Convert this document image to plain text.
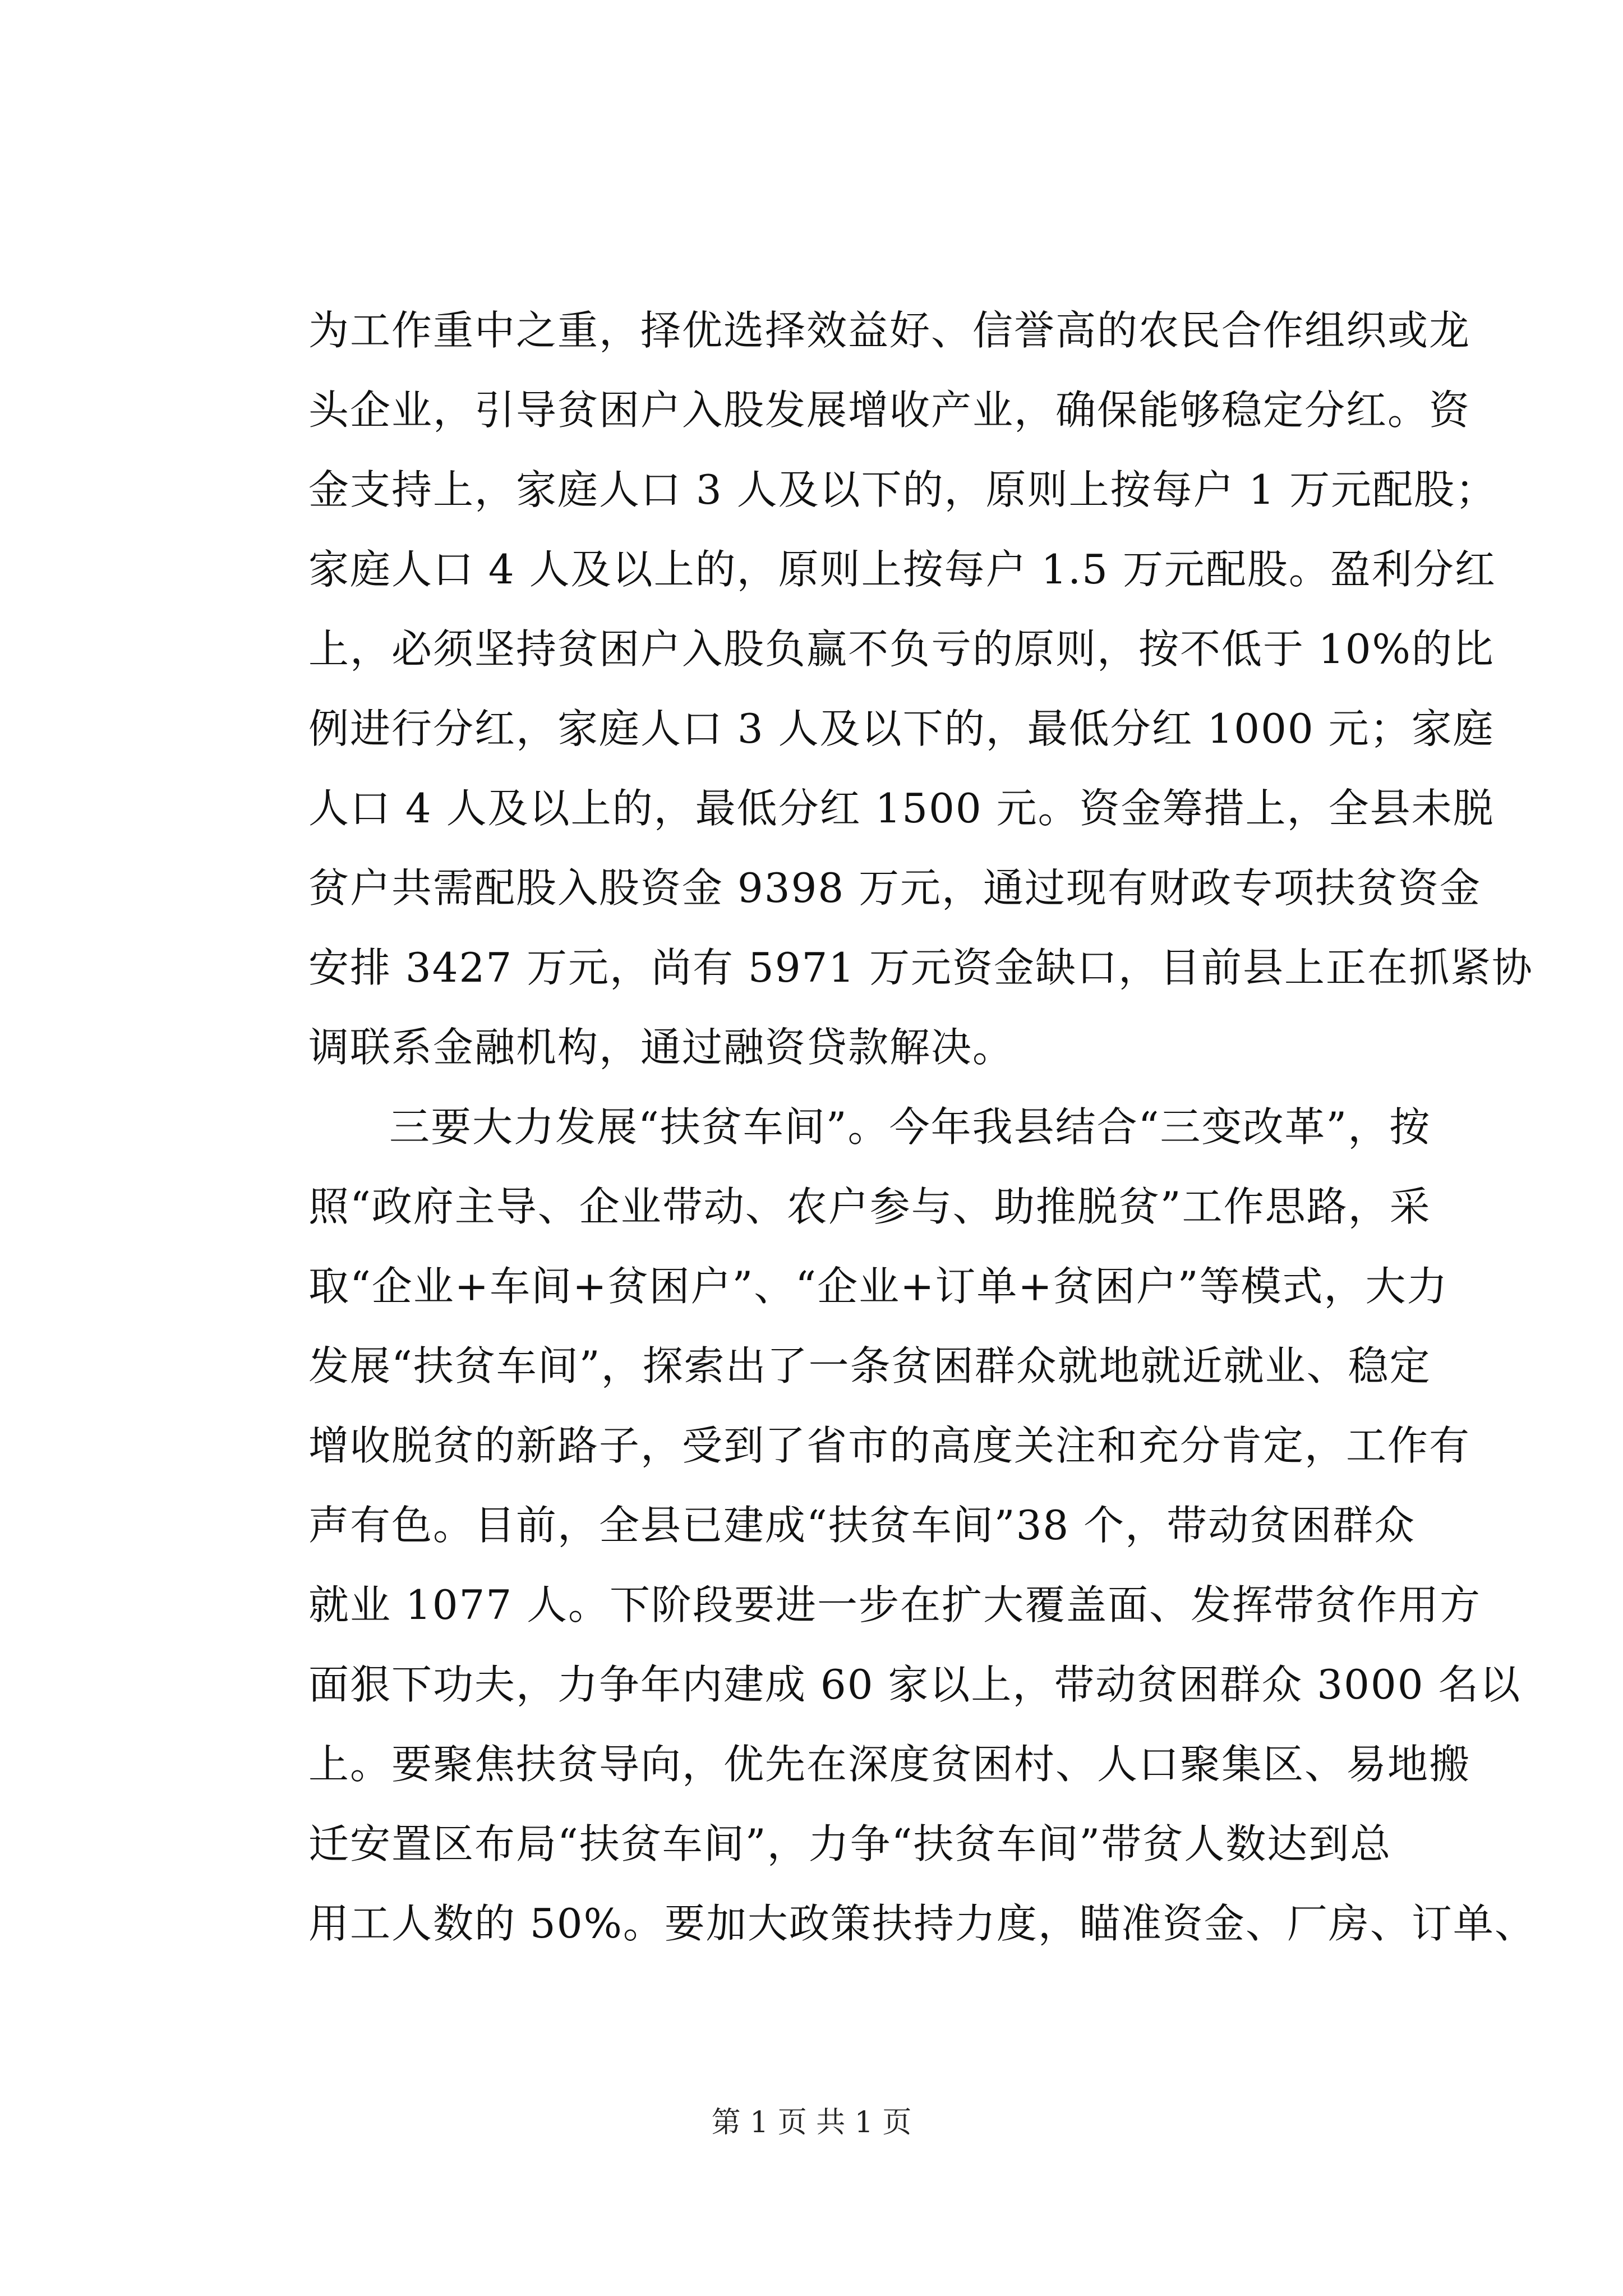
为工作重中之重，择优选择效益好、信誉高的农民合作组织或龙
头企业，引导贫困户入股发展增收产业，确保能够稳定分红。资
金支持上，家庭人口 3 人及以下的，原则上按每户 1 万元配股；
家庭人口 4 人及以上的，原则上按每户 1.5 万元配股。盈利分红
上，必须坚持贫困户入股负赢不负亏的原则，按不低于 10%的比
例进行分红，家庭人口 3 人及以下的，最低分红 1000 元；家庭
人口 4 人及以上的，最低分红 1500 元。资金筹措上，全县未脱
贫户共需配股入股资金 9398 万元，通过现有财政专项扶贫资金
安排 3427 万元，尚有 5971 万元资金缺口，目前县上正在抓紧协
调联系金融机构，通过融资贷款解决。
三要大力发展“扶贫车间”。今年我县结合“三变改革”，按
照“政府主导、企业带动、农户参与、助推脱贫”工作思路，采
取“企业+车间+贫困户”、“企业+订单+贫困户”等模式，大力
发展“扶贫车间”，探索出了一条贫困群众就地就近就业、稳定
增收脱贫的新路子，受到了省市的高度关注和充分肯定，工作有
声有色。目前，全县已建成“扶贫车间”38 个，带动贫困群众
就业 1077 人。下阶段要进一步在扩大覆盖面、发挥带贫作用方
面狠下功夫，力争年内建成 60 家以上，带动贫困群众 3000 名以
上。要聚焦扶贫导向，优先在深度贫困村、人口聚集区、易地搬
迁安置区布局“扶贫车间”，力争“扶贫车间”带贫人数达到总
用工人数的 50%。要加大政策扶持力度，瞄准资金、厂房、订单、
第 1 页 共 1 页
